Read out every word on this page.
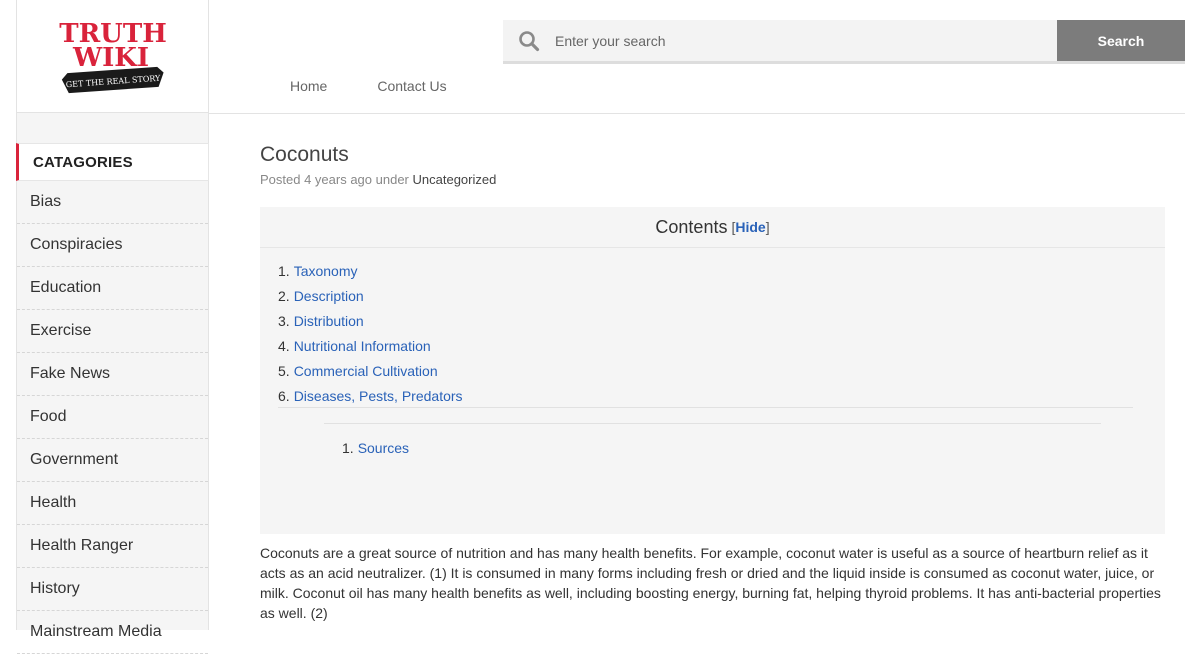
TRUTH
WIKI
GET THE REAL STORY
CATAGORIES
Bias
Conspiracies
Education
Exercise
Fake News
Food
Government
Health
Health Ranger
History
Mainstream Media
Enter your search
Search
Home	Contact Us
Coconuts
Posted 4 years ago under Uncategorized
Contents [Hide]
1. Taxonomy
2. Description
3. Distribution
4. Nutritional Information
5. Commercial Cultivation
6. Diseases, Pests, Predators
1. Sources

Coconuts are a great source of nutrition and has many health benefits. For example, coconut water is useful as a source of heartburn relief as it acts as an acid neutralizer. (1) It is consumed in many forms including fresh or dried and the liquid inside is consumed as coconut water, juice, or milk. Coconut oil has many health benefits as well, including boosting energy, burning fat, helping thyroid problems. It has anti-bacterial properties as well. (2)
